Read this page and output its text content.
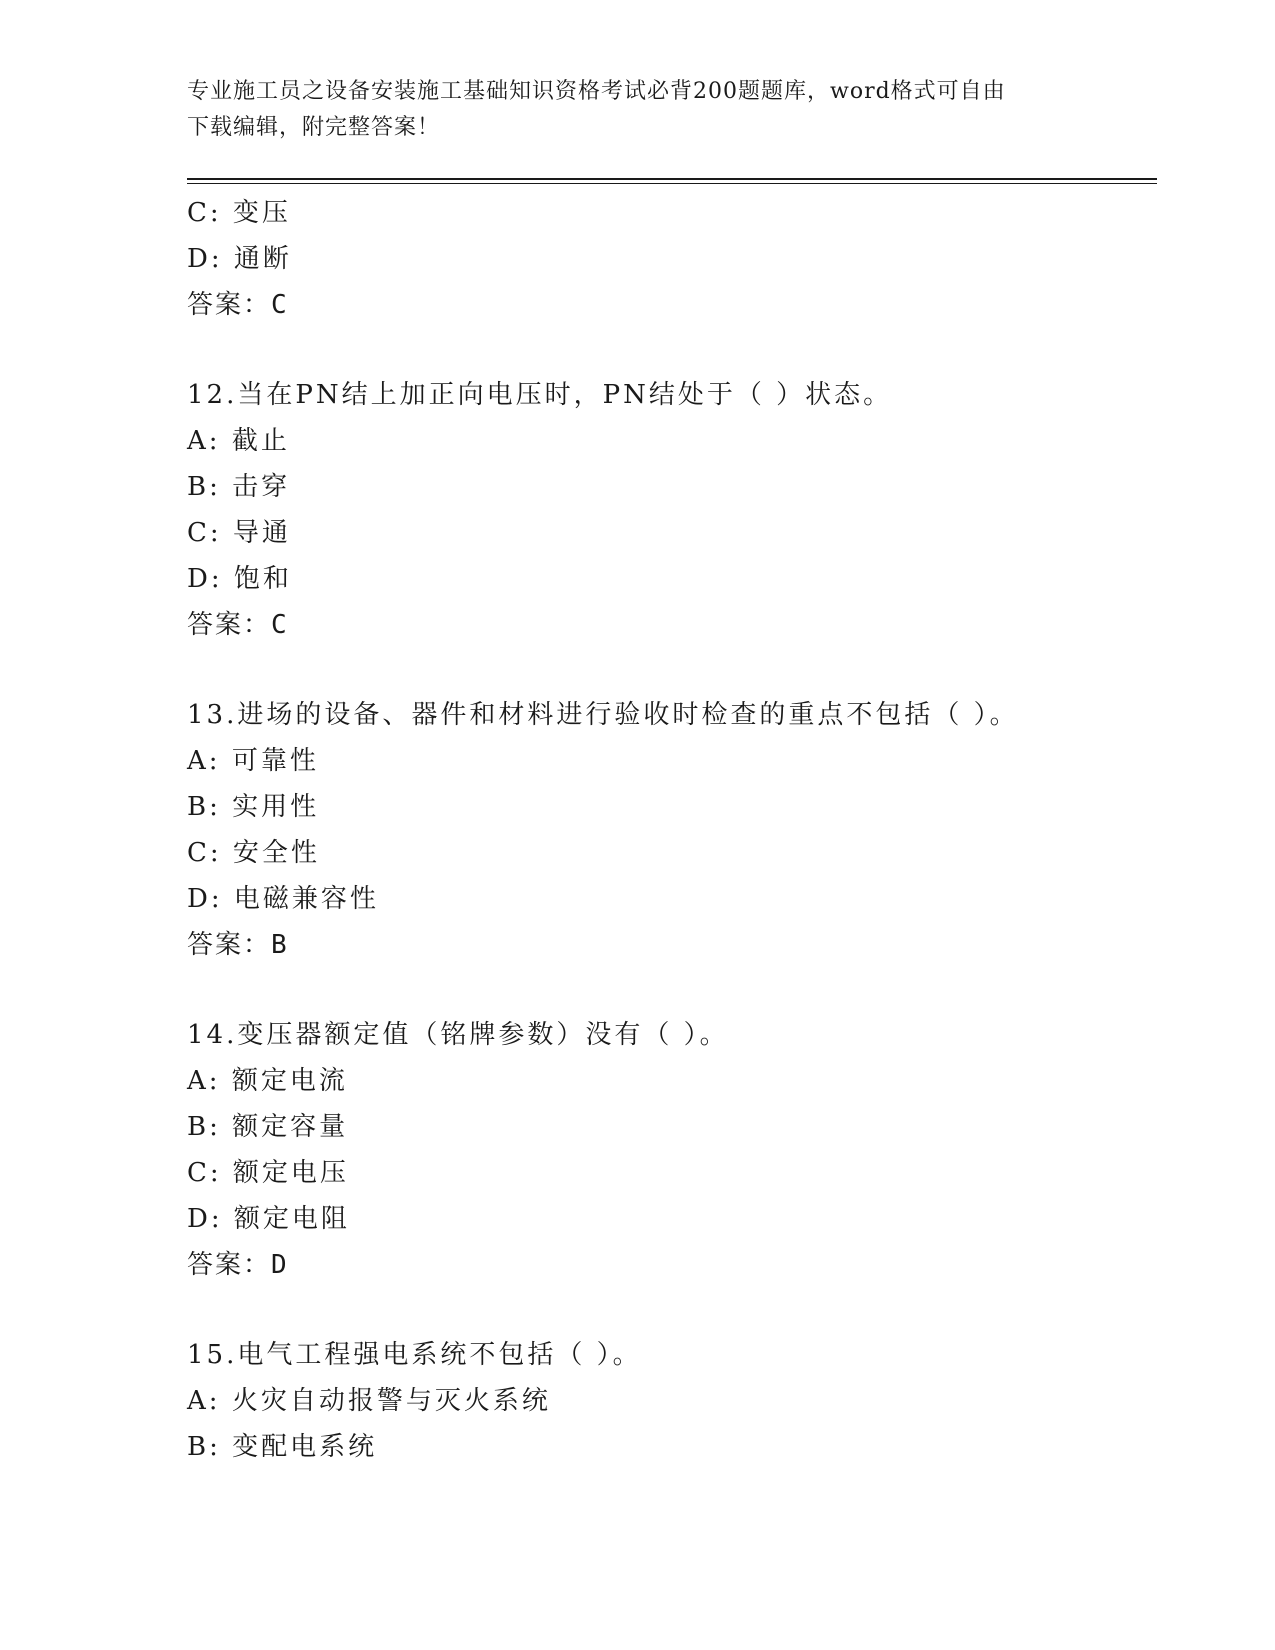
专业施工员之设备安装施工基础知识资格考试必背200题题库，word格式可自由
下载编辑，附完整答案！
C: 变压
D: 通断
答案：C
12.当在PN结上加正向电压时，PN结处于（ ）状态。
A: 截止
B: 击穿
C: 导通
D: 饱和
答案：C
13.进场的设备、器件和材料进行验收时检查的重点不包括（ ）。
A: 可靠性
B: 实用性
C: 安全性
D: 电磁兼容性
答案：B
14.变压器额定值（铭牌参数）没有（ ）。
A: 额定电流
B: 额定容量
C: 额定电压
D: 额定电阻
答案：D
15.电气工程强电系统不包括（ ）。
A: 火灾自动报警与灭火系统
B: 变配电系统
